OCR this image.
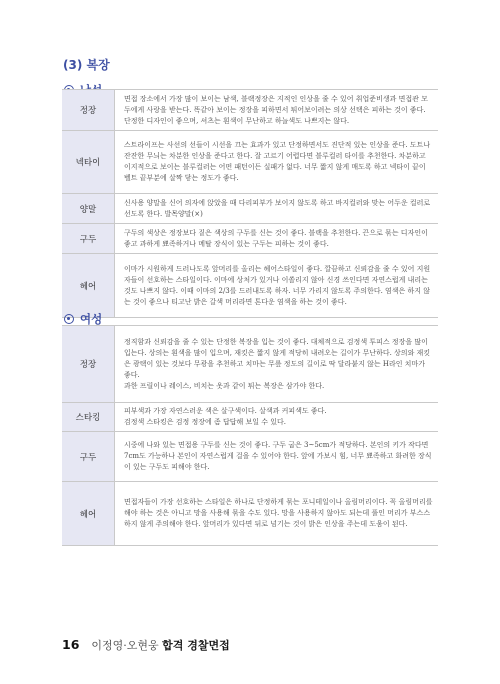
(3) 복장
정장	면접 장소에서 가장 많이 보이는 남색, 블랙정장은 지적인 인상을 줄 수 있어 취업준비생과 면접관 모두에게 사랑을 받는다. 똑같아 보이는 정장을 피하면서 튀어보이려는 의상 선택은 피하는 것이 좋다. 단정한 디자인이 좋으며, 셔츠는 흰색이 무난하고 하늘색도 나쁘지는 않다.
넥타이	스트라이프는 사선의 선들이 시선을 끄는 효과가 있고 단정하면서도 진단적 있는 인상을 준다. 도트나 잔잔한 무늬는 차분한 인상을 준다고 한다. 잘 고르기 어렵다면 블루컬러 타이를 추천한다. 차분하고 이지적으로 보이는 블루컬러는 어떤 패턴이든 실패가 없다. 너무 짧지 않게 매도록 하고 넥타이 끝이 벨트 끝부분에 살짝 닿는 정도가 좋다.
양말	신사용 양말을 신어 의자에 앉았을 때 다리피부가 보이지 않도록 하고 바지컬러와 맞는 어두운 컬러로 선도록 한다. 발목양말(×)
구두	구두의 색상은 정장보다 짙은 색상의 구두를 신는 것이 좋다. 블랙을 추천한다. 끈으로 묶는 디자인이 좋고 과하게 뾰족하거나 메탈 장식이 있는 구두는 피하는 것이 좋다.
헤어	이마가 시원하게 드러나도록 앞머리를 올리는 헤어스타일이 좋다. 깔끔하고 신뢰감을 줄 수 있어 지원자들이 선호하는 스타일이다. 이마에 상처가 있거나 이쏠리지 않아 신경 쓰인다면 자연스럽게 내리는 것도 나쁘지 않다. 이때 이마의 2/3를 드러내도록 하자. 너무 가리지 않도록 주의한다. 염색은 하지 않는 것이 좋으나 티고난 밝은 갈색 머리라면 톤다운 염색을 하는 것이 좋다.
여성
정장	정직함과 신뢰감을 줄 수 있는 단정한 복장을 입는 것이 좋다. 대체적으로 검정색 투피스 정장을 많이 입는다. 상의는 흰색을 많이 입으며, 재킷은 짧지 않게 적당히 내려오는 길이가 무난하다. 상의와 재킷은 광택이 있는 것보다 무광을 추천하고 치마는 무릎 정도의 길이로 딱 달라붙지 않는 H라인 치마가 좋다.
과한 프릴이나 레이스, 비치는 옷과 같이 튀는 복장은 삼가야 한다.
스타킹	피부색과 가장 자연스러운 색은 살구색이다. 살색과 커피색도 좋다.
검정색 스타킹은 검정 정장에 좀 답답해 보일 수 있다.
구두	시중에 나와 있는 면접용 구두를 신는 것이 좋다. 구두 굽은 3~5cm가 적당하다. 본인의 키가 작다면 7cm도 가능하나 본인이 자연스럽게 걸을 수 있어야 한다. 앞에 가보시 힘, 너무 뾰족하고 화려한 장식이 있는 구두도 피해야 한다.
헤어	면접자들이 가장 선호하는 스타일은 하나로 단정하게 묶는 포니테일이나 올림머리이다. 꼭 올림머리를 해야 하는 것은 아니고 망을 사용해 묶을 수도 있다. 망을 사용하지 않아도 되는데 풀인 머리가 부스스하지 않게 주의해야 한다. 앞머리가 있다면 뒤로 넘기는 것이 밝은 인상을 주는데 도움이 된다.
16 이정영·오현웅 합격 경찰면접
